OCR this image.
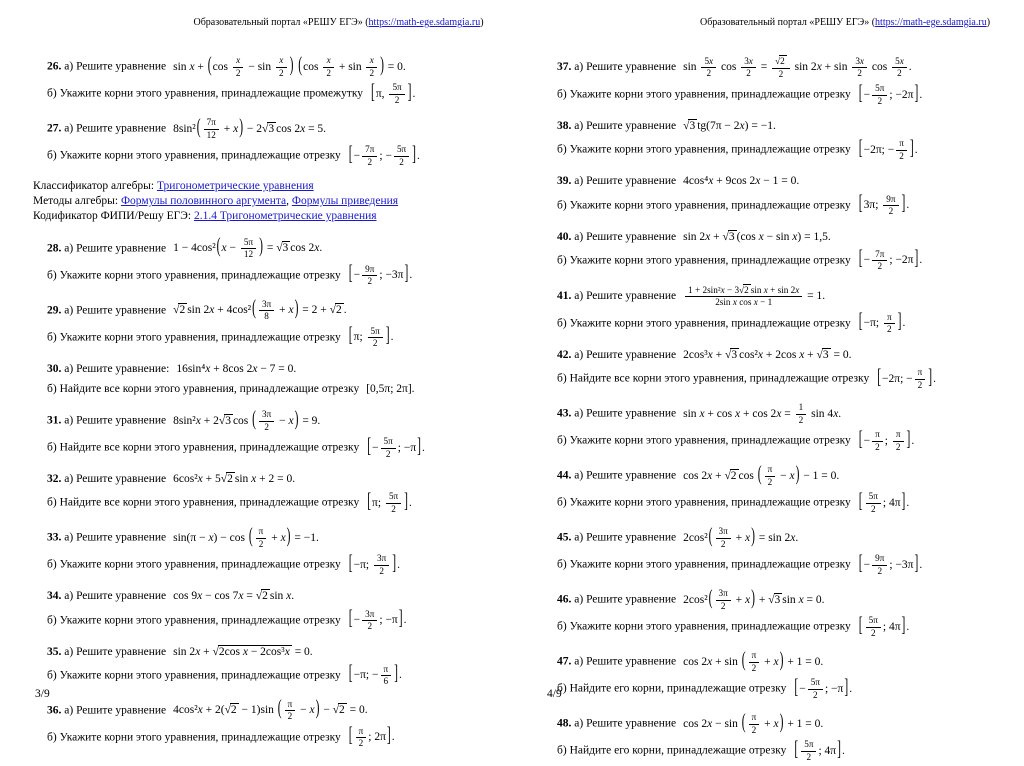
Образовательный портал «РЕШУ ЕГЭ» (https://math-ege.sdamgia.ru)
26. а) Решите уравнение $\sin x + (\cos \frac{x}{2} - \sin \frac{x}{2}$ ) ($\cos \frac{x}{2} + \sin \frac{x}{2}$ ) = 0.
б) Укажите корни этого уравнения, принадлежащие промежутку [π, $\frac{5\pi}{2}$ ].
27. а) Решите уравнение $8\sin^2( \frac{7\pi}{12} + x) - 2√3$ cos 2x = 5.
б) Укажите корни этого уравнения, принадлежащие отрезку [− $\frac{7\pi}{2}$ ; − $\frac{5\pi}{2}$ ].
Классификатор алгебры: Тригонометрические уравнения
Методы алгебры: Формулы половинного аргумента, Формулы приведения
Кодификатор ФИПИ/Решу ЕГЭ: 2.1.4 Тригонометрические уравнения
28. а) Решите уравнение $1 - 4\cos^2(x - \frac{5\pi}{12}$ ) = √3 cos 2x.
б) Укажите корни этого уравнения, принадлежащие отрезку [− $\frac{9\pi}{2}$ ; −3π].
29. а) Решите уравнение √2 $\sin 2x + 4\cos^2( \frac{3\pi}{8} + x) = 2 + √2$ .
б) Укажите корни этого уравнения, принадлежащие отрезку [π; $\frac{5\pi}{2}$ ].
30. а) Решите уравнение: 16sin⁴x + 8cos 2x − 7 = 0.
б) Найдите все корни этого уравнения, принадлежащие отрезку [0,5π; 2π].
31. а) Решите уравнение 8sin²x + 2√3 cos ( $\frac{3\pi}{2} - x) = 9$.
б) Найдите все корни этого уравнения, принадлежащие отрезку [− $\frac{5\pi}{2}$ ; −π].
32. а) Решите уравнение 6cos²x + 5√2 sin x + 2 = 0.
б) Найдите все корни этого уравнения, принадлежащие отрезку [π; $\frac{5\pi}{2}$ ].
33. а) Решите уравнение sin(π − x) − cos ( $\frac{\pi}{2} + x) = -1$.
б) Укажите корни этого уравнения, принадлежащие отрезку [−π; $\frac{3\pi}{2}$ ].
34. а) Решите уравнение cos 9x − cos 7x = √2 sin x.
б) Укажите корни этого уравнения, принадлежащие отрезку [− $\frac{3\pi}{2}$ ; −π].
35. а) Решите уравнение sin 2x + √2cos x − 2cos³x = 0.
б) Укажите корни этого уравнения, принадлежащие отрезку [−π; − $\frac{\pi}{6}$ ].
36. а) Решите уравнение 4cos²x + 2(√2 − 1)sin ( $\frac{\pi}{2} - x) - √2 = 0$.
б) Укажите корни этого уравнения, принадлежащие отрезку [ $\frac{\pi}{2}$ ; 2π].
3/9
Образовательный портал «РЕШУ ЕГЭ» (https://math-ege.sdamgia.ru)
37. а) Решите уравнение $\sin \frac{5x}{2}$ $\cos \frac{3x}{2} = \frac{√2}{2}$ $\sin 2x + \sin \frac{3x}{2}$ $\cos \frac{5x}{2}$ .
б) Укажите корни этого уравнения, принадлежащие отрезку [− $\frac{5\pi}{2}$ ; −2π].
38. а) Решите уравнение √3 tg(7π − 2x) = −1.
б) Укажите корни этого уравнения, принадлежащие отрезку [−2π; − $\frac{\pi}{2}$ ].
39. а) Решите уравнение 4cos⁴x + 9cos 2x − 1 = 0.
б) Укажите корни этого уравнения, принадлежащие отрезку [3π; $\frac{9\pi}{2}$ ].
40. а) Решите уравнение sin 2x + √3 (cos x − sin x) = 1,5.
б) Укажите корни этого уравнения, принадлежащие отрезку [− $\frac{7\pi}{2}$ ; −2π].
41. а) Решите уравнение $\frac{\text{1 + 2sin²x − 3√2 sin x + sin 2x}}{\text{2sin x cos x − 1}} = 1$.
б) Укажите корни этого уравнения, принадлежащие отрезку [−π; $\frac{\pi}{2}$ ].
42. а) Решите уравнение 2cos³x + √3 cos²x + 2cos x + √3 = 0.
б) Найдите все корни этого уравнения, принадлежащие отрезку [−2π; − $\frac{\pi}{2}$ ].
43. а) Решите уравнение $\sin x + \cos x + \cos 2x = \frac{1}{2}$ sin 4x.
б) Укажите корни этого уравнения, принадлежащие отрезку [− $\frac{\pi}{2}$ ; $\frac{\pi}{2}$ ].
44. а) Решите уравнение cos 2x + √2 cos ( $\frac{\pi}{2} - x) - 1 = 0$.
б) Укажите корни этого уравнения, принадлежащие отрезку [ $\frac{5\pi}{2}$ ; 4π].
45. а) Решите уравнение $2\cos^2( \frac{3\pi}{2} + x) = \sin 2x$.
б) Укажите корни этого уравнения, принадлежащие отрезку [− $\frac{9\pi}{2}$ ; −3π].
46. а) Решите уравнение $2\cos^2( \frac{3\pi}{2} + x) + √3$ sin x = 0.
б) Укажите корни этого уравнения, принадлежащие отрезку [ $\frac{5\pi}{2}$ ; 4π].
47. а) Решите уравнение cos 2x + sin ( $\frac{\pi}{2} + x) + 1 = 0$.
б) Найдите его корни, принадлежащие отрезку [− $\frac{5\pi}{2}$ ; −π].
48. а) Решите уравнение cos 2x − sin ( $\frac{\pi}{2} + x) + 1 = 0$.
б) Найдите его корни, принадлежащие отрезку [ $\frac{5\pi}{2}$ ; 4π].
4/9
